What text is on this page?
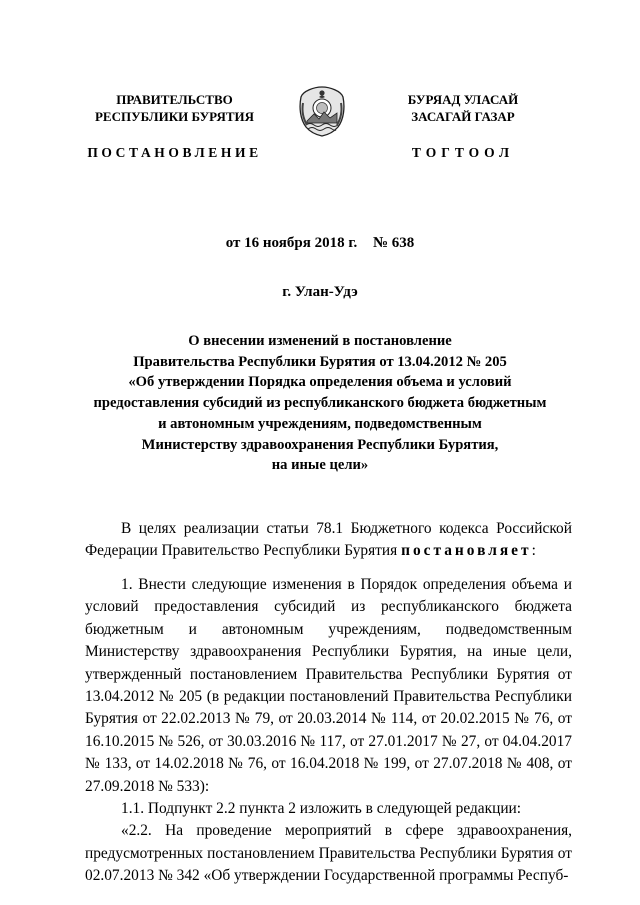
ПРАВИТЕЛЬСТВО
РЕСПУБЛИКИ БУРЯТИЯ
ПОСТАНОВЛЕНИЕ
БУРЯАД УЛАСАЙ
ЗАСАГАЙ ГАЗАР
ТОГТООЛ
от 16 ноября 2018 г. № 638
г. Улан-Удэ
О внесении изменений в постановление
Правительства Республики Бурятия от 13.04.2012 № 205
«Об утверждении Порядка определения объема и условий
предоставления субсидий из республиканского бюджета бюджетным
и автономным учреждениям, подведомственным
Министерству здравоохранения Республики Бурятия,
на иные цели»

В целях реализации статьи 78.1 Бюджетного кодекса Российской Федерации Правительство Республики Бурятия постановляет:

1. Внести следующие изменения в Порядок определения объема и условий предоставления субсидий из республиканского бюджета бюджетным и автономным учреждениям, подведомственным Министерству здравоохранения Республики Бурятия, на иные цели, утвержденный постановлением Правительства Республики Бурятия от 13.04.2012 № 205 (в редакции постановлений Правительства Республики Бурятия от 22.02.2013 № 79, от 20.03.2014 № 114, от 20.02.2015 № 76, от 16.10.2015 № 526, от 30.03.2016 № 117, от 27.01.2017 № 27, от 04.04.2017 № 133, от 14.02.2018 № 76, от 16.04.2018 № 199, от 27.07.2018 № 408, от 27.09.2018 № 533):

1.1. Подпункт 2.2 пункта 2 изложить в следующей редакции:

«2.2. На проведение мероприятий в сфере здравоохранения, предусмотренных постановлением Правительства Республики Бурятия от 02.07.2013 № 342 «Об утверждении Государственной программы Респуб-
